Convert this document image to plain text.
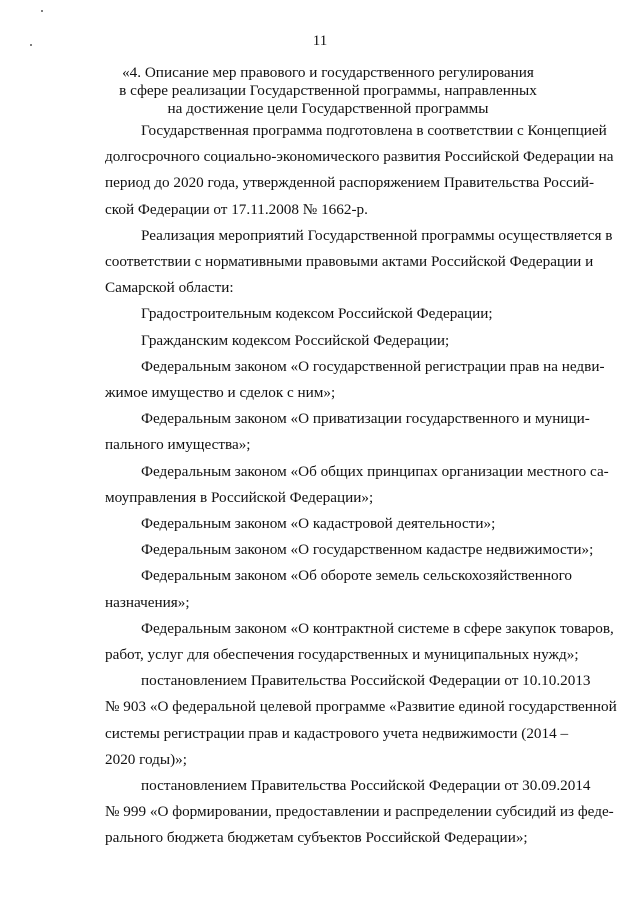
11
«4. Описание мер правового и государственного регулирования
в сфере реализации Государственной программы, направленных
на достижение цели Государственной программы
Государственная программа подготовлена в соответствии с Концепцией
долгосрочного социально-экономического развития Российской Федерации на
период до 2020 года, утвержденной распоряжением Правительства Россий-
ской Федерации от 17.11.2008 № 1662-р.
Реализация мероприятий Государственной программы осуществляется в
соответствии с нормативными правовыми актами Российской Федерации и
Самарской области:
Градостроительным кодексом Российской Федерации;
Гражданским кодексом Российской Федерации;
Федеральным законом «О государственной регистрации прав на недви-
жимое имущество и сделок с ним»;
Федеральным законом «О приватизации государственного и муници-
пального имущества»;
Федеральным законом «Об общих принципах организации местного са-
моуправления в Российской Федерации»;
Федеральным законом «О кадастровой деятельности»;
Федеральным законом «О государственном кадастре недвижимости»;
Федеральным законом «Об обороте земель сельскохозяйственного
назначения»;
Федеральным законом «О контрактной системе в сфере закупок товаров,
работ, услуг для обеспечения государственных и муниципальных нужд»;
постановлением Правительства Российской Федерации от 10.10.2013
№ 903 «О федеральной целевой программе «Развитие единой государственной
системы регистрации прав и кадастрового учета недвижимости (2014 –
2020 годы)»;
постановлением Правительства Российской Федерации от 30.09.2014
№ 999 «О формировании, предоставлении и распределении субсидий из феде-
рального бюджета бюджетам субъектов Российской Федерации»;
